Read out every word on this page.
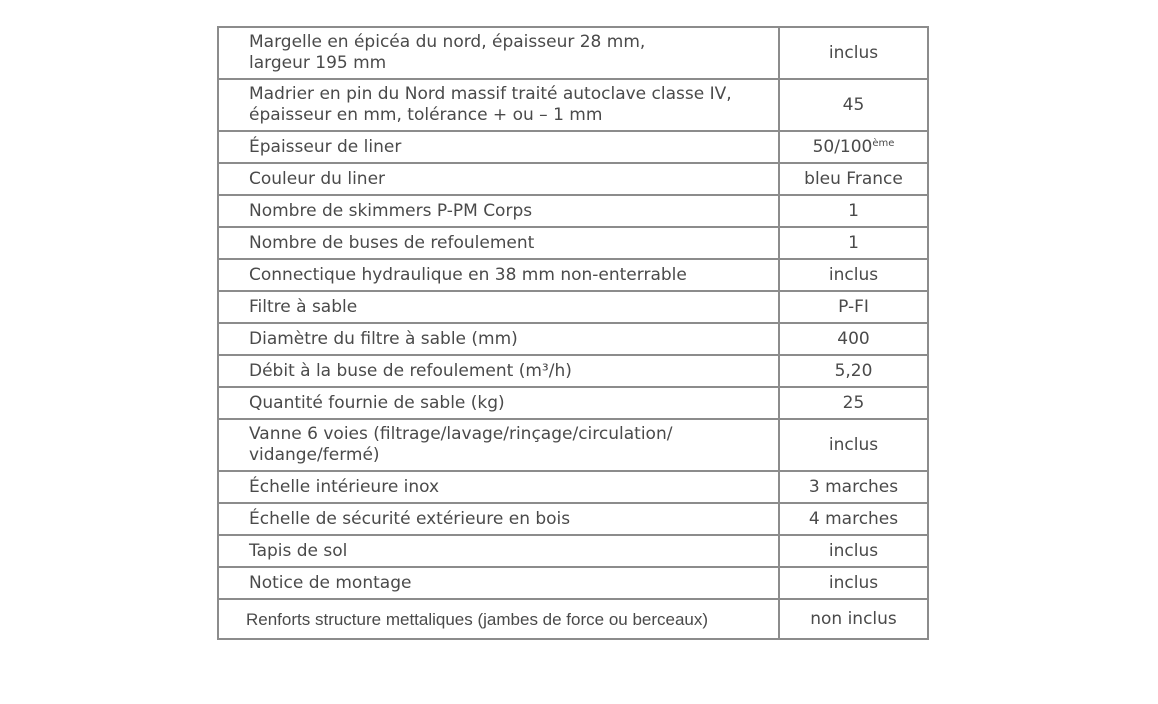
Margelle en épicéa du nord, épaisseur 28 mm,
largeur 195 mm	inclus
Madrier en pin du Nord massif traité autoclave classe IV,
épaisseur en mm, tolérance + ou – 1 mm	45
Épaisseur de liner	50/100ème
Couleur du liner	bleu France
Nombre de skimmers P-PM Corps	1
Nombre de buses de refoulement	1
Connectique hydraulique en 38 mm non-enterrable	inclus
Filtre à sable	P-FI
Diamètre du filtre à sable (mm)	400
Débit à la buse de refoulement (m³/h)	5,20
Quantité fournie de sable (kg)	25
Vanne 6 voies (filtrage/lavage/rinçage/circulation/
vidange/fermé)	inclus
Échelle intérieure inox	3 marches
Échelle de sécurité extérieure en bois	4 marches
Tapis de sol	inclus
Notice de montage	inclus
Renforts structure mettaliques (jambes de force ou berceaux)	non inclus
